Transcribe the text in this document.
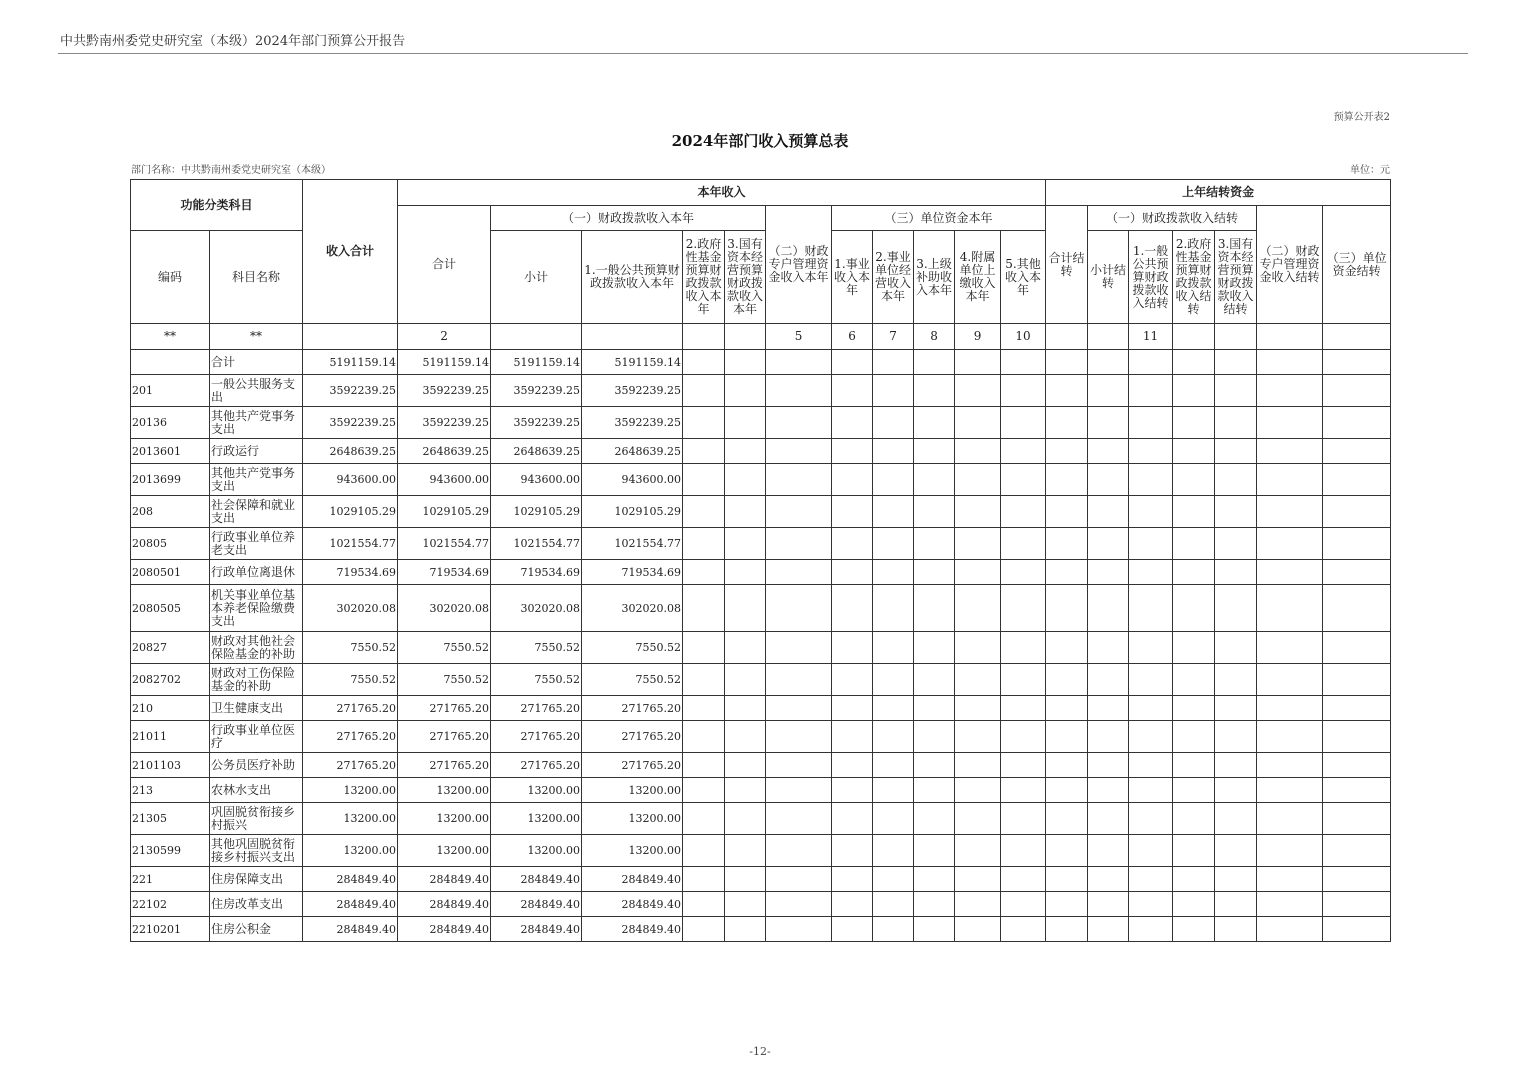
中共黔南州委党史研究室（本级）2024年部门预算公开报告
预算公开表2
2024年部门收入预算总表
部门名称：中共黔南州委党史研究室（本级）	单位：元
功能分类科目		收入合计	本年收入											上年结转资金						
			合计	（一）财政拨款收入本年				（二）财政专户管理资金收入本年	（三）单位资金本年					合计结转	（一）财政拨款收入结转				（二）财政专户管理资金收入结转	（三）单位资金结转
编码	科目名称			小计	1.一般公共预算财政拨款收入本年	2.政府性基金预算财政拨款收入本年	3.国有资本经营预算财政拨款收入本年		1.事业收入本年	2.事业单位经营收入本年	3.上级补助收入本年	4.附属单位上缴收入本年	5.其他收入本年		小计结转	1.一般公共预算财政拨款收入结转	2.政府性基金预算财政拨款收入结转	3.国有资本经营预算财政拨款收入结转		
**	**		2					5	6	7	8	9	10			11				
	合计	5191159.14	5191159.14	5191159.14	5191159.14															
201	一般公共服务支出	3592239.25	3592239.25	3592239.25	3592239.25															
20136	其他共产党事务支出	3592239.25	3592239.25	3592239.25	3592239.25															
2013601	行政运行	2648639.25	2648639.25	2648639.25	2648639.25															
2013699	其他共产党事务支出	943600.00	943600.00	943600.00	943600.00															
208	社会保障和就业支出	1029105.29	1029105.29	1029105.29	1029105.29															
20805	行政事业单位养老支出	1021554.77	1021554.77	1021554.77	1021554.77															
2080501	行政单位离退休	719534.69	719534.69	719534.69	719534.69															
2080505	机关事业单位基本养老保险缴费支出	302020.08	302020.08	302020.08	302020.08															
20827	财政对其他社会保险基金的补助	7550.52	7550.52	7550.52	7550.52															
2082702	财政对工伤保险基金的补助	7550.52	7550.52	7550.52	7550.52															
210	卫生健康支出	271765.20	271765.20	271765.20	271765.20															
21011	行政事业单位医疗	271765.20	271765.20	271765.20	271765.20															
2101103	公务员医疗补助	271765.20	271765.20	271765.20	271765.20															
213	农林水支出	13200.00	13200.00	13200.00	13200.00															
21305	巩固脱贫衔接乡村振兴	13200.00	13200.00	13200.00	13200.00															
2130599	其他巩固脱贫衔接乡村振兴支出	13200.00	13200.00	13200.00	13200.00															
221	住房保障支出	284849.40	284849.40	284849.40	284849.40															
22102	住房改革支出	284849.40	284849.40	284849.40	284849.40															
2210201	住房公积金	284849.40	284849.40	284849.40	284849.40															
-12-
